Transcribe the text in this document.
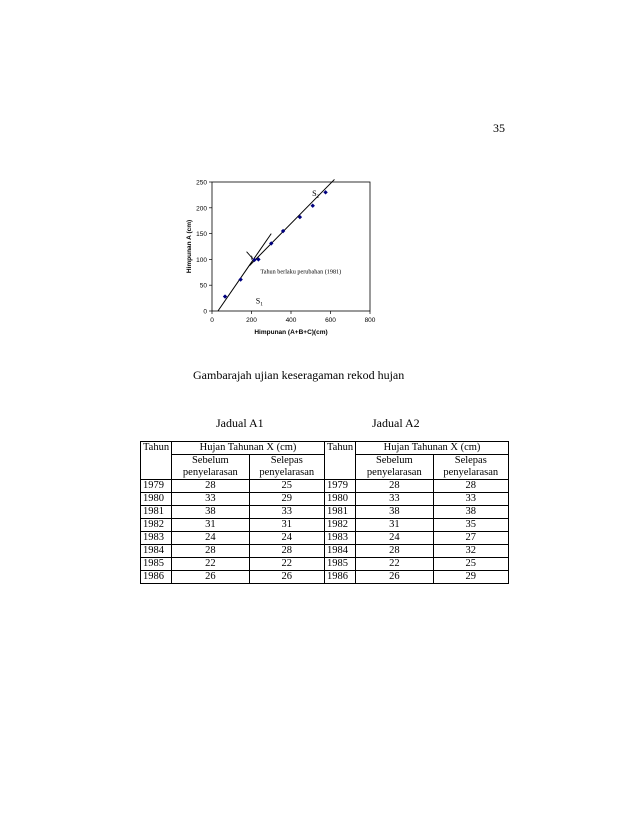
35
0
50
100
150
200
250
0	200	400	600	800
Himpunan (A+B+C)(cm)
Himpunan A (cm)	Tahun berlaku perubahan (1981)
$S_1$
$S_2$
Gambarajah ujian keseragaman rekod hujan
Jadual A1	Jadual A2
Tahun	Hujan Tahunan X (cm)		Tahun	Hujan Tahunan X (cm)	
	Sebelum penyelarasan	Selepas penyelarasan		Sebelum penyelarasan	Selepas penyelarasan
1979	28	25	1979	28	28
1980	33	29	1980	33	33
1981	38	33	1981	38	38
1982	31	31	1982	31	35
1983	24	24	1983	24	27
1984	28	28	1984	28	32
1985	22	22	1985	22	25
1986	26	26	1986	26	29
